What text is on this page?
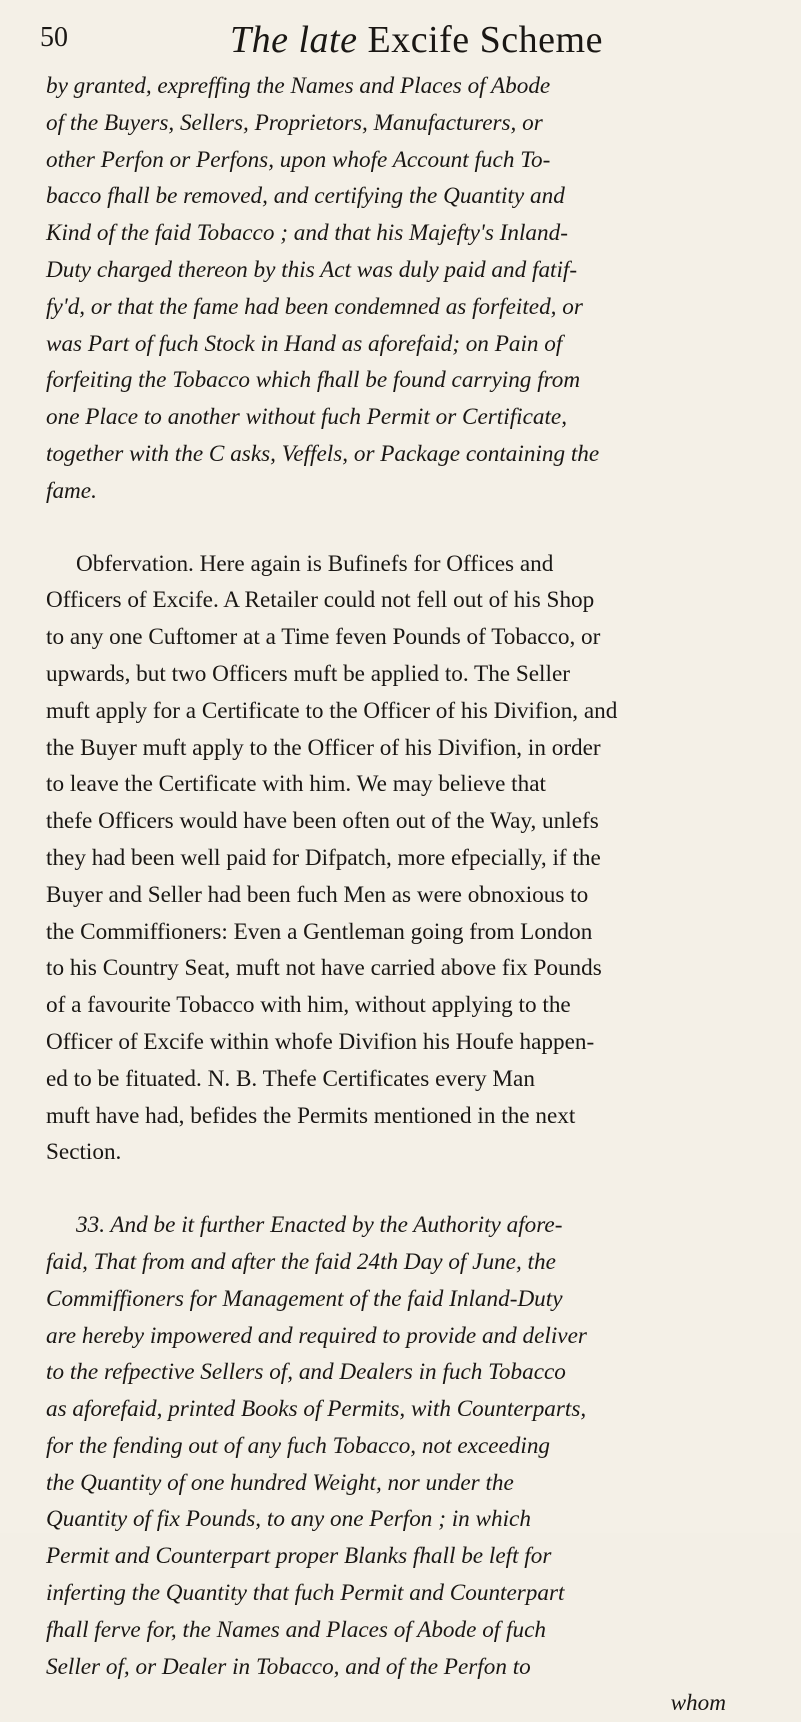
50	The late Excife Scheme
by granted, expreffing the Names and Places of Abode
of the Buyers, Sellers, Proprietors, Manufacturers, or
other Perfon or Perfons, upon whofe Account fuch To-
bacco fhall be removed, and certifying the Quantity and
Kind of the faid Tobacco ; and that his Majefty's Inland-
Duty charged thereon by this Act was duly paid and fatif-
fy'd, or that the fame had been condemned as forfeited, or
was Part of fuch Stock in Hand as aforefaid; on Pain of
forfeiting the Tobacco which fhall be found carrying from
one Place to another without fuch Permit or Certificate,
together with the C asks, Veffels, or Package containing the
fame.
Obfervation. Here again is Bufinefs for Offices and
Officers of Excife. A Retailer could not fell out of his Shop
to any one Cuftomer at a Time feven Pounds of Tobacco, or
upwards, but two Officers muft be applied to. The Seller
muft apply for a Certificate to the Officer of his Divifion, and
the Buyer muft apply to the Officer of his Divifion, in order
to leave the Certificate with him. We may believe that
thefe Officers would have been often out of the Way, unlefs
they had been well paid for Difpatch, more efpecially, if the
Buyer and Seller had been fuch Men as were obnoxious to
the Commiffioners: Even a Gentleman going from London
to his Country Seat, muft not have carried above fix Pounds
of a favourite Tobacco with him, without applying to the
Officer of Excife within whofe Divifion his Houfe happen-
ed to be fituated. N. B. Thefe Certificates every Man
muft have had, befides the Permits mentioned in the next
Section.
33. And be it further Enacted by the Authority afore-
faid, That from and after the faid 24th Day of June, the
Commiffioners for Management of the faid Inland-Duty
are hereby impowered and required to provide and deliver
to the refpective Sellers of, and Dealers in fuch Tobacco
as aforefaid, printed Books of Permits, with Counterparts,
for the fending out of any fuch Tobacco, not exceeding
the Quantity of one hundred Weight, nor under the
Quantity of fix Pounds, to any one Perfon ; in which
Permit and Counterpart proper Blanks fhall be left for
inferting the Quantity that fuch Permit and Counterpart
fhall ferve for, the Names and Places of Abode of fuch
Seller of, or Dealer in Tobacco, and of the Perfon to
whom
